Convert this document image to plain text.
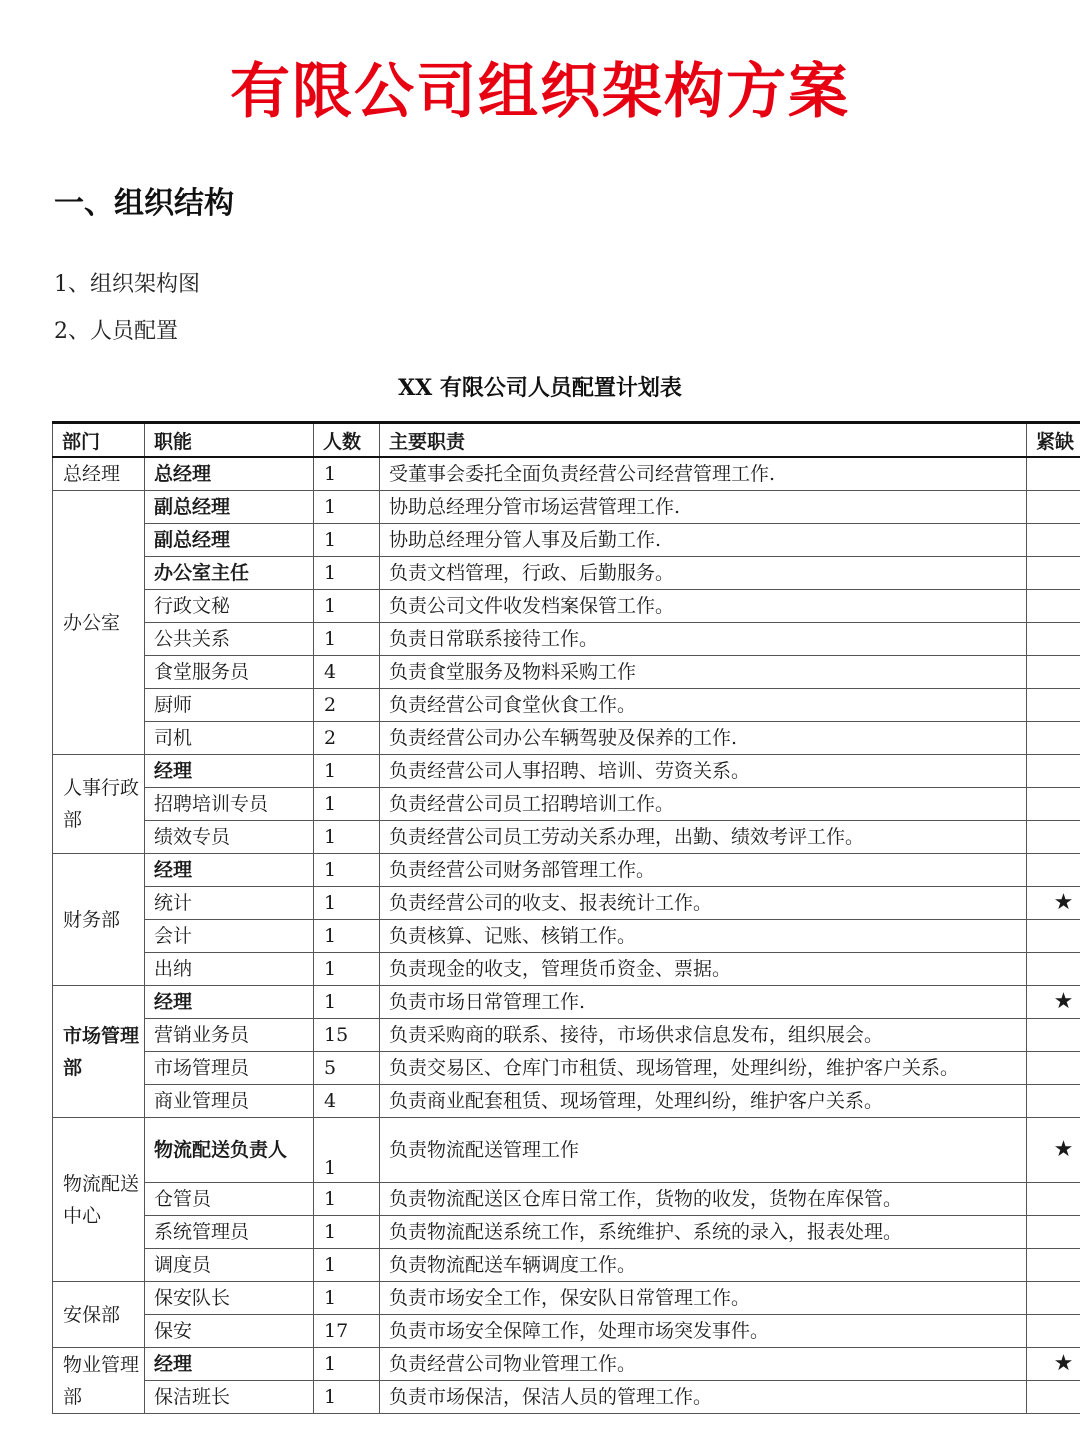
有限公司组织架构方案
一、组织结构
1、组织架构图
2、人员配置
XX 有限公司人员配置计划表
部门	职能	人数	主要职责	紧缺
总经理	总经理	1	受董事会委托全面负责经营公司经营管理工作.	
办公室	副总经理	1	协助总经理分管市场运营管理工作.	
	副总经理	1	协助总经理分管人事及后勤工作.	
	办公室主任	1	负责文档管理，行政、后勤服务。	
	行政文秘	1	负责公司文件收发档案保管工作。	
	公共关系	1	负责日常联系接待工作。	
	食堂服务员	4	负责食堂服务及物料采购工作	
	厨师	2	负责经营公司食堂伙食工作。	
	司机	2	负责经营公司办公车辆驾驶及保养的工作.	
人事行政部	经理	1	负责经营公司人事招聘、培训、劳资关系。	
	招聘培训专员	1	负责经营公司员工招聘培训工作。	
	绩效专员	1	负责经营公司员工劳动关系办理，出勤、绩效考评工作。	
财务部	经理	1	负责经营公司财务部管理工作。	
	统计	1	负责经营公司的收支、报表统计工作。	★
	会计	1	负责核算、记账、核销工作。	
	出纳	1	负责现金的收支，管理货币资金、票据。	
市场管理部	经理	1	负责市场日常管理工作.	★
	营销业务员	15	负责采购商的联系、接待，市场供求信息发布，组织展会。	
	市场管理员	5	负责交易区、仓库门市租赁、现场管理，处理纠纷，维护客户关系。	
	商业管理员	4	负责商业配套租赁、现场管理，处理纠纷，维护客户关系。	
物流配送中心	物流配送负责人	1	负责物流配送管理工作	★
	仓管员	1	负责物流配送区仓库日常工作，货物的收发，货物在库保管。	
	系统管理员	1	负责物流配送系统工作，系统维护、系统的录入，报表处理。	
	调度员	1	负责物流配送车辆调度工作。	
安保部	保安队长	1	负责市场安全工作，保安队日常管理工作。	
	保安	17	负责市场安全保障工作，处理市场突发事件。	
物业管理部	经理	1	负责经营公司物业管理工作。	★
	保洁班长	1	负责市场保洁，保洁人员的管理工作。	
